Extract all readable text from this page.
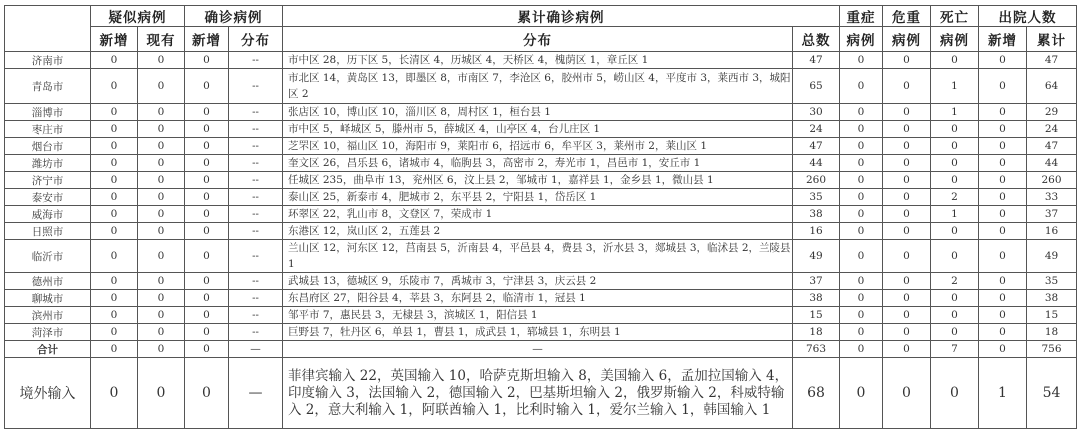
	疑似病例		确诊病例		累计确诊病例		重症	危重	死亡	出院人数	
	新增	现有	新增	分布	分布	总数	病例	病例	病例	新增	累计
济南市	0	0	0	--	市中区 28，历下区 5，长清区 4，历城区 4，天桥区 4，槐荫区 1，章丘区 1	47	0	0	0	0	47
青岛市	0	0	0	--	市北区 14，黄岛区 13，即墨区 8，市南区 7，李沧区 6，胶州市 5，崂山区 4，平度市 3，莱西市 3，城阳区 2	65	0	0	1	0	64
淄博市	0	0	0	--	张店区 10，博山区 10，淄川区 8，周村区 1，桓台县 1	30	0	0	1	0	29
枣庄市	0	0	0	--	市中区 5，峄城区 5，滕州市 5，薛城区 4，山亭区 4，台儿庄区 1	24	0	0	0	0	24
烟台市	0	0	0	--	芝罘区 10，福山区 10，海阳市 9，莱阳市 6，招远市 6，牟平区 3，莱州市 2，莱山区 1	47	0	0	0	0	47
潍坊市	0	0	0	--	奎文区 26，昌乐县 6，诸城市 4，临朐县 3，高密市 2，寿光市 1，昌邑市 1，安丘市 1	44	0	0	0	0	44
济宁市	0	0	0	--	任城区 235，曲阜市 13，兖州区 6，汶上县 2，邹城市 1，嘉祥县 1，金乡县 1，微山县 1	260	0	0	0	0	260
泰安市	0	0	0	--	泰山区 25，新泰市 4，肥城市 2，东平县 2，宁阳县 1，岱岳区 1	35	0	0	2	0	33
威海市	0	0	0	--	环翠区 22，乳山市 8，文登区 7，荣成市 1	38	0	0	1	0	37
日照市	0	0	0	--	东港区 12，岚山区 2，五莲县 2	16	0	0	0	0	16
临沂市	0	0	0	--	兰山区 12，河东区 12，莒南县 5，沂南县 4，平邑县 4，费县 3，沂水县 3，郯城县 3，临沭县 2，兰陵县 1	49	0	0	0	0	49
德州市	0	0	0	--	武城县 13，德城区 9，乐陵市 7，禹城市 3，宁津县 3，庆云县 2	37	0	0	2	0	35
聊城市	0	0	0	--	东昌府区 27，阳谷县 4，莘县 3，东阿县 2，临清市 1，冠县 1	38	0	0	0	0	38
滨州市	0	0	0	--	邹平市 7，惠民县 3，无棣县 3，滨城区 1，阳信县 1	15	0	0	0	0	15
菏泽市	0	0	0	--	巨野县 7，牡丹区 6，单县 1，曹县 1，成武县 1，郓城县 1，东明县 1	18	0	0	0	0	18
合计	0	0	0	—	—	763	0	0	7	0	756
境外输入	0	0	0	—	菲律宾输入 22，英国输入 10，哈萨克斯坦输入 8，美国输入 6，孟加拉国输入 4，印度输入 3，法国输入 2，德国输入 2，巴基斯坦输入 2，俄罗斯输入 2，科威特输入 2，意大利输入 1，阿联酋输入 1，比利时输入 1，爱尔兰输入 1，韩国输入 1	68	0	0	0	1	54
